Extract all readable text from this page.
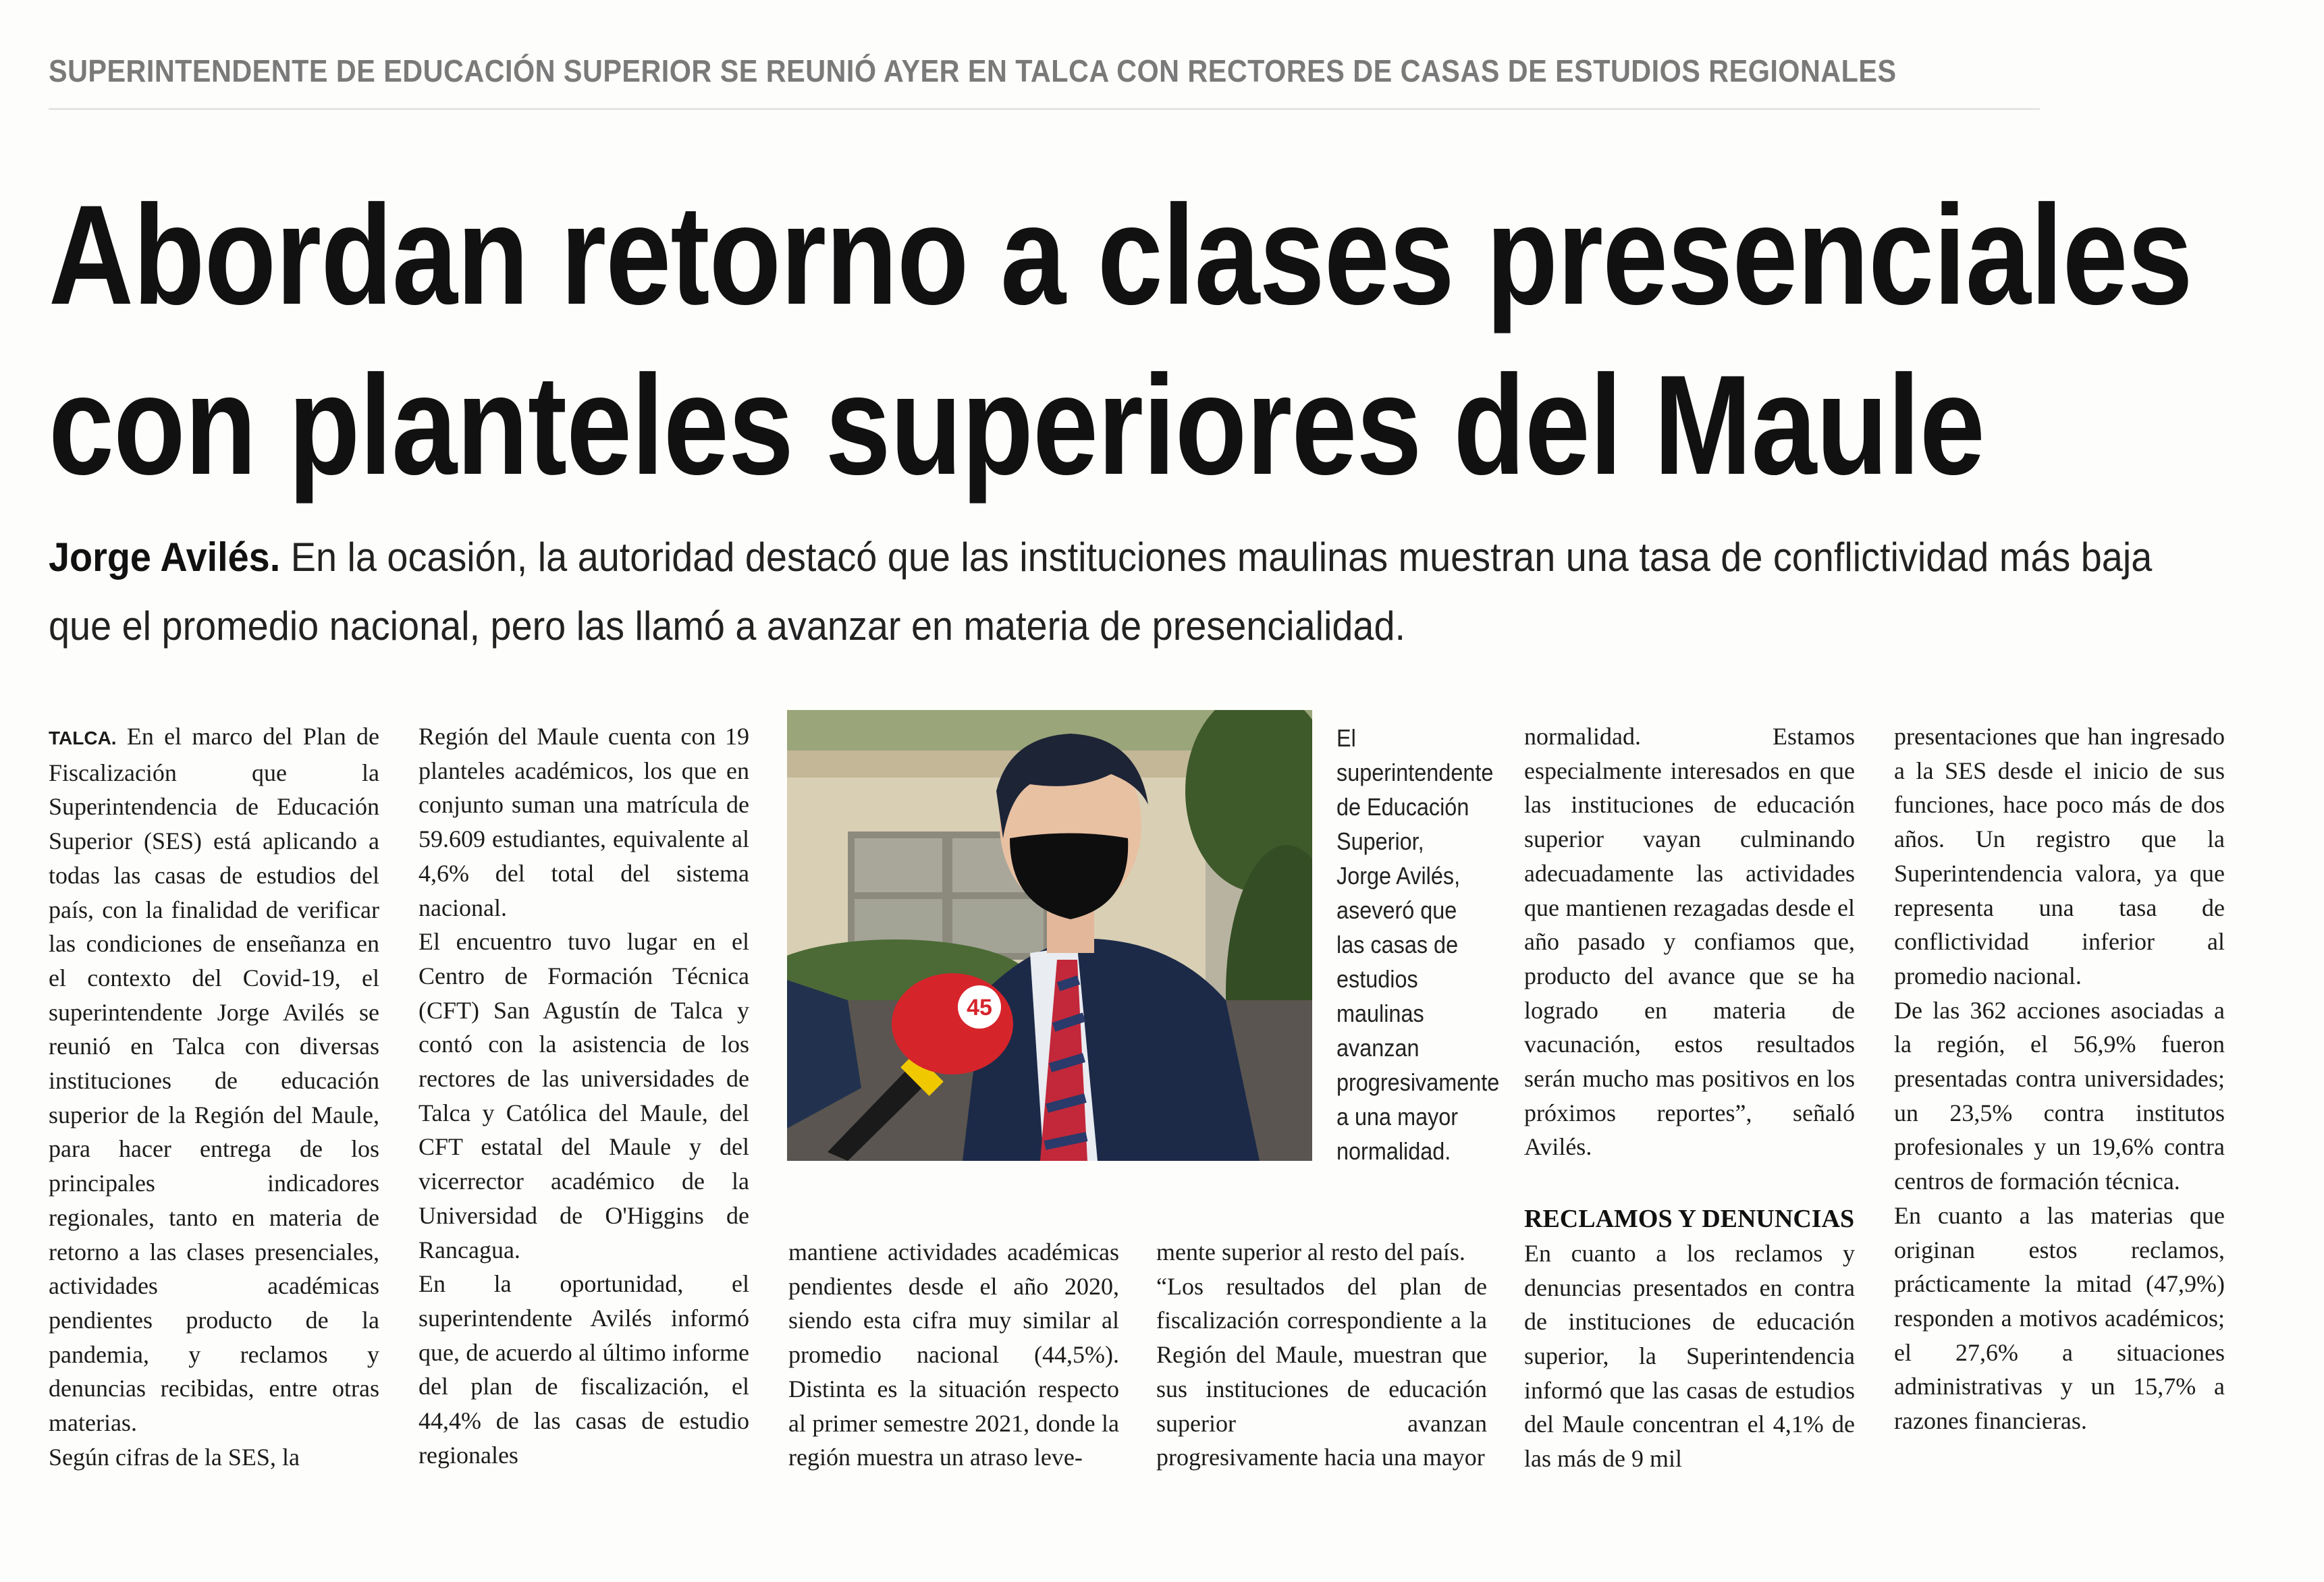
SUPERINTENDENTE DE EDUCACIÓN SUPERIOR SE REUNIÓ AYER EN TALCA CON RECTORES DE CASAS DE ESTUDIOS REGIONALES
Abordan retorno a clases presenciales
con planteles superiores del Maule
Jorge Avilés. En la ocasión, la autoridad destacó que las instituciones maulinas muestran una tasa de conflictividad más baja que el promedio nacional, pero las llamó a avanzar en materia de presencialidad.

TALCA. En el marco del Plan de Fiscalización que la Superintendencia de Educación Superior (SES) está aplicando a todas las casas de estudios del país, con la finalidad de verificar las condiciones de enseñanza en el contexto del Covid-19, el superintendente Jorge Avilés se reunió en Talca con diversas instituciones de educación superior de la Región del Maule, para hacer entrega de los principales indicadores regionales, tanto en materia de retorno a las clases presenciales, actividades académicas pendientes producto de la pandemia, y reclamos y denuncias recibidas, entre otras materias.

Según cifras de la SES, la

Región del Maule cuenta con 19 planteles académicos, los que en conjunto suman una matrícula de 59.609 estudiantes, equivalente al 4,6% del total del sistema nacional.

El encuentro tuvo lugar en el Centro de Formación Técnica (CFT) San Agustín de Talca y contó con la asistencia de los rectores de las universidades de Talca y Católica del Maule, del CFT estatal del Maule y del vicerrector académico de la Universidad de O'Higgins de Rancagua.

En la oportunidad, el superintendente Avilés informó que, de acuerdo al último informe del plan de fiscalización, el 44,4% de las casas de estudio regionales

45
El superintendente de Educación Superior, Jorge Avilés, aseveró que las casas de estudios maulinas avanzan progresivamente a una mayor normalidad.

mantiene actividades académicas pendientes desde el año 2020, siendo esta cifra muy similar al promedio nacional (44,5%). Distinta es la situación respecto al primer semestre 2021, donde la región muestra un atraso leve-

mente superior al resto del país.

“Los resultados del plan de fiscalización correspondiente a la Región del Maule, muestran que sus instituciones de educación superior avanzan progresivamente hacia una mayor

normalidad. Estamos especialmente interesados en que las instituciones de educación superior vayan culminando adecuadamente las actividades que mantienen rezagadas desde el año pasado y confiamos que, producto del avance que se ha logrado en materia de vacunación, estos resultados serán mucho mas positivos en los próximos reportes”, señaló Avilés.

RECLAMOS Y DENUNCIAS

En cuanto a los reclamos y denuncias presentados en contra de instituciones de educación superior, la Superintendencia informó que las casas de estudios del Maule concentran el 4,1% de las más de 9 mil

presentaciones que han ingresado a la SES desde el inicio de sus funciones, hace poco más de dos años. Un registro que la Superintendencia valora, ya que representa una tasa de conflictividad inferior al promedio nacional.

De las 362 acciones asociadas a la región, el 56,9% fueron presentadas contra universidades; un 23,5% contra institutos profesionales y un 19,6% contra centros de formación técnica.

En cuanto a las materias que originan estos reclamos, prácticamente la mitad (47,9%) responden a motivos académicos; el 27,6% a situaciones administrativas y un 15,7% a razones financieras.
